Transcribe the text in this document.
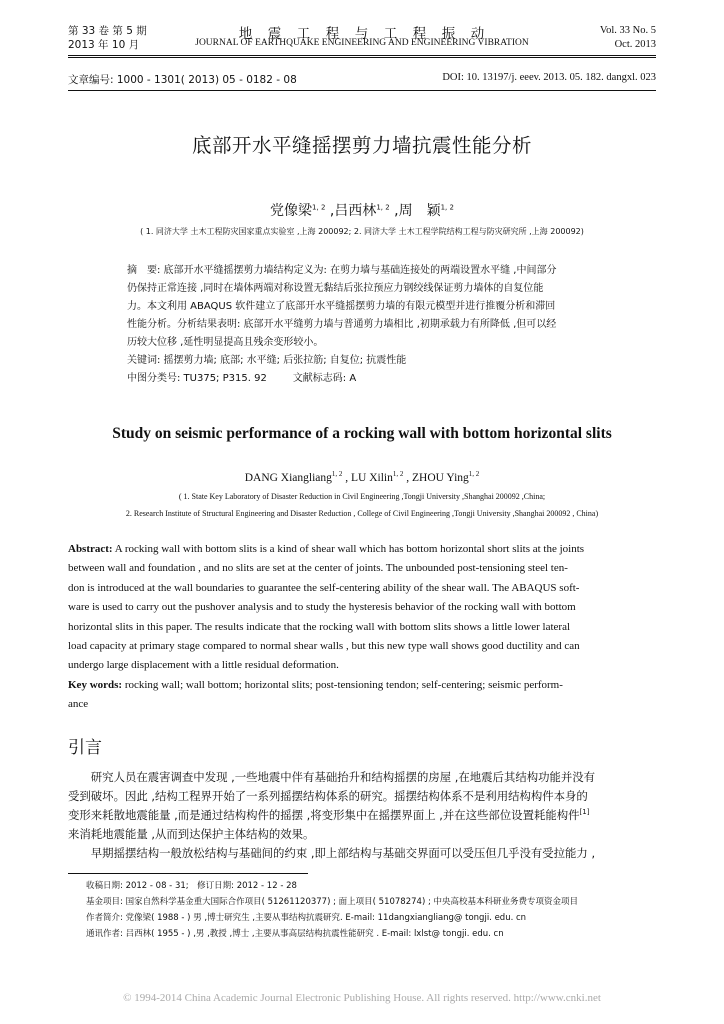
第 33 卷 第 5 期
2013 年 10 月
地　震　工　程　与　工　程　振　动
JOURNAL OF EARTHQUAKE ENGINEERING AND ENGINEERING VIBRATION
Vol. 33 No. 5
Oct. 2013
文章编号: 1000 - 1301( 2013) 05 - 0182 - 08	DOI: 10. 13197/j. eeev. 2013. 05. 182. dangxl. 023
底部开水平缝摇摆剪力墙抗震性能分析
党像梁$^{1, 2}$ ,吕西林$^{1, 2}$ ,周　颖$^{1, 2}$
( 1. 同济大学 土木工程防灾国家重点实验室 ,上海 200092; 2. 同济大学 土木工程学院结构工程与防灾研究所 ,上海 200092)
摘　要: 底部开水平缝摇摆剪力墙结构定义为: 在剪力墙与基础连接处的两端设置水平缝 ,中间部分
仍保持正常连接 ,同时在墙体两端对称设置无黏结后张拉预应力钢绞线保证剪力墙体的自复位能
力。本文利用 ABAQUS 软件建立了底部开水平缝摇摆剪力墙的有限元模型并进行推覆分析和滞回
性能分析。分析结果表明: 底部开水平缝剪力墙与普通剪力墙相比 ,初期承载力有所降低 ,但可以经
历较大位移 ,延性明显提高且残余变形较小。
关键词: 摇摆剪力墙; 底部; 水平缝; 后张拉筋; 自复位; 抗震性能
中图分类号: TU375; P315. 92	文献标志码: A
Study on seismic performance of a rocking wall with bottom horizontal slits
DANG Xiangliang$^{1, 2}$ , LU Xilin$^{1, 2}$ , ZHOU Ying$^{1, 2}$
( 1. State Key Laboratory of Disaster Reduction in Civil Engineering ,Tongji University ,Shanghai 200092 ,China;
2. Research Institute of Structural Engineering and Disaster Reduction , College of Civil Engineering ,Tongji University ,Shanghai 200092 , China)
Abstract: A rocking wall with bottom slits is a kind of shear wall which has bottom horizontal short slits at the joints
between wall and foundation , and no slits are set at the center of joints. The unbounded post-tensioning steel ten-
don is introduced at the wall boundaries to guarantee the self-centering ability of the shear wall. The ABAQUS soft-
ware is used to carry out the pushover analysis and to study the hysteresis behavior of the rocking wall with bottom
horizontal slits in this paper. The results indicate that the rocking wall with bottom slits shows a little lower lateral
load capacity at primary stage compared to normal shear walls , but this new type wall shows good ductility and can
undergo large displacement with a little residual deformation.
Key words: rocking wall; wall bottom; horizontal slits; post-tensioning tendon; self-centering; seismic perform-
ance
引言

　　研究人员在震害调查中发现 ,一些地震中伴有基础抬升和结构摇摆的房屋 ,在地震后其结构功能并没有

受到破坏。因此 ,结构工程界开始了一系列摇摆结构体系的研究。摇摆结构体系不是利用结构构件本身的

变形来耗散地震能量 ,而是通过结构构件的摇摆 ,将变形集中在摇摆界面上 ,并在这些部位设置耗能构件[1]

来消耗地震能量 ,从而到达保护主体结构的效果。

　　早期摇摆结构一般放松结构与基础间的约束 ,即上部结构与基础交界面可以受压但几乎没有受拉能力 ,

收稿日期: 2012 - 08 - 31;　修订日期: 2012 - 12 - 28
基金项目: 国家自然科学基金重大国际合作项目( 51261120377) ; 面上项目( 51078274) ; 中央高校基本科研业务费专项资金项目
作者简介: 党像梁( 1988 - ) 男 ,博士研究生 ,主要从事结构抗震研究. E-mail: 11dangxiangliang@ tongji. edu. cn
通讯作者: 吕西林( 1955 - ) ,男 ,教授 ,博士 ,主要从事高层结构抗震性能研究 . E-mail: lxlst@ tongji. edu. cn
© 1994-2014 China Academic Journal Electronic Publishing House. All rights reserved. http://www.cnki.net
